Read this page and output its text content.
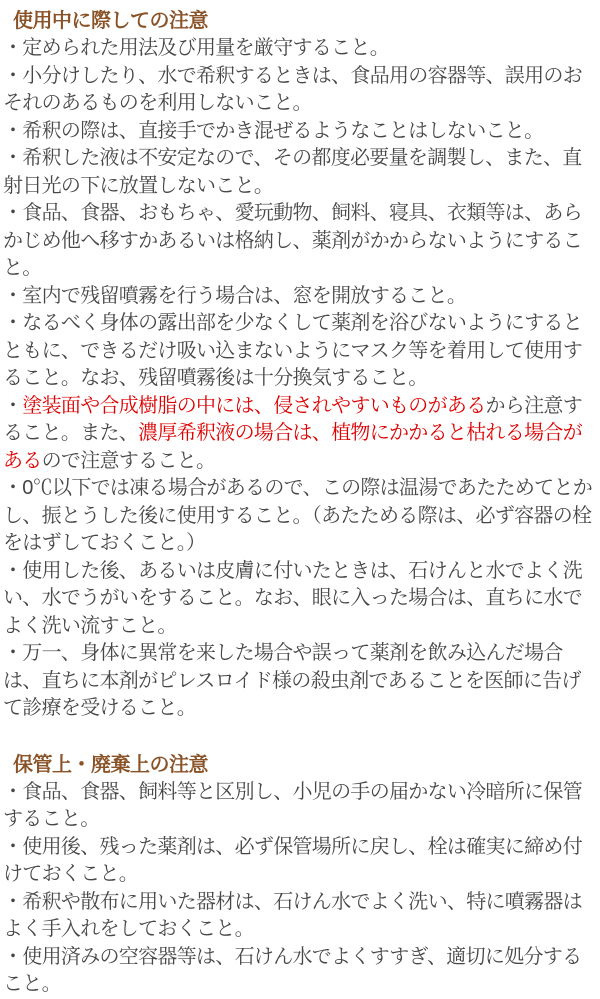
使用中に際しての注意

・定められた用法及び用量を厳守すること。

・小分けしたり、水で希釈するときは、食品用の容器等、誤用のおそれのあるものを利用しないこと。

・希釈の際は、直接手でかき混ぜるようなことはしないこと。

・希釈した液は不安定なので、その都度必要量を調製し、また、直射日光の下に放置しないこと。

・食品、食器、おもちゃ、愛玩動物、飼料、寝具、衣類等は、あらかじめ他へ移すかあるいは格納し、薬剤がかからないようにすること。

・室内で残留噴霧を行う場合は、窓を開放すること。

・なるべく身体の露出部を少なくして薬剤を浴びないようにするとともに、できるだけ吸い込まないようにマスク等を着用して使用すること。なお、残留噴霧後は十分換気すること。

・塗装面や合成樹脂の中には、侵されやすいものがあるから注意すること。また、濃厚希釈液の場合は、植物にかかると枯れる場合があるので注意すること。

・0℃以下では凍る場合があるので、この際は温湯であたためてとかし、振とうした後に使用すること。（あたためる際は、必ず容器の栓をはずしておくこと。）

・使用した後、あるいは皮膚に付いたときは、石けんと水でよく洗い、水でうがいをすること。なお、眼に入った場合は、直ちに水でよく洗い流すこと。

・万一、身体に異常を来した場合や誤って薬剤を飲み込んだ場合は、直ちに本剤がピレスロイド様の殺虫剤であることを医師に告げて診療を受けること。

保管上・廃棄上の注意

・食品、食器、飼料等と区別し、小児の手の届かない冷暗所に保管すること。

・使用後、残った薬剤は、必ず保管場所に戻し、栓は確実に締め付けておくこと。

・希釈や散布に用いた器材は、石けん水でよく洗い、特に噴霧器はよく手入れをしておくこと。

・使用済みの空容器等は、石けん水でよくすすぎ、適切に処分すること。
